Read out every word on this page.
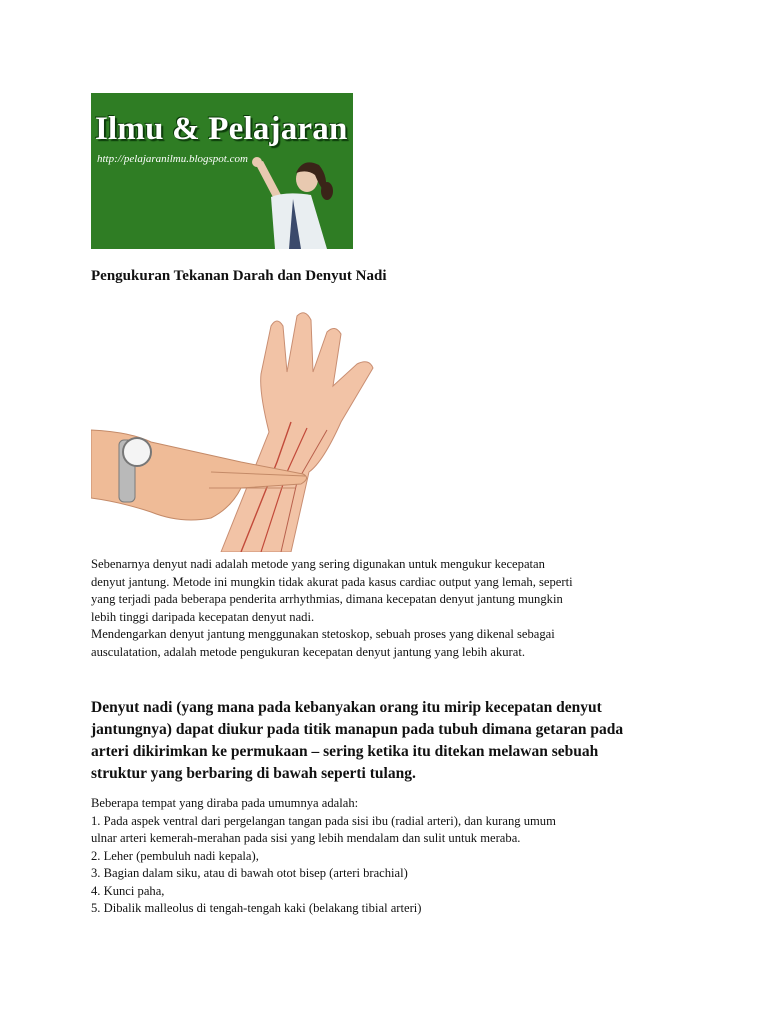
Ilmu & Pelajaran
http://pelajaranilmu.blogspot.com
Pengukuran Tekanan Darah dan Denyut Nadi
Sebenarnya denyut nadi adalah metode yang sering digunakan untuk mengukur kecepatan
denyut jantung. Metode ini mungkin tidak akurat pada kasus cardiac output yang lemah, seperti
yang terjadi pada beberapa penderita arrhythmias, dimana kecepatan denyut jantung mungkin
lebih tinggi daripada kecepatan denyut nadi.
Mendengarkan denyut jantung menggunakan stetoskop, sebuah proses yang dikenal sebagai
ausculatation, adalah metode pengukuran kecepatan denyut jantung yang lebih akurat.
Denyut nadi (yang mana pada kebanyakan orang itu mirip kecepatan denyut
jantungnya) dapat diukur pada titik manapun pada tubuh dimana getaran pada
arteri dikirimkan ke permukaan – sering ketika itu ditekan melawan sebuah
struktur yang berbaring di bawah seperti tulang.
Beberapa tempat yang diraba pada umumnya adalah:
1. Pada aspek ventral dari pergelangan tangan pada sisi ibu (radial arteri), dan kurang umum
ulnar arteri kemerah-merahan pada sisi yang lebih mendalam dan sulit untuk meraba.
2. Leher (pembuluh nadi kepala),
3. Bagian dalam siku, atau di bawah otot bisep (arteri brachial)
4. Kunci paha,
5. Dibalik malleolus di tengah-tengah kaki (belakang tibial arteri)
